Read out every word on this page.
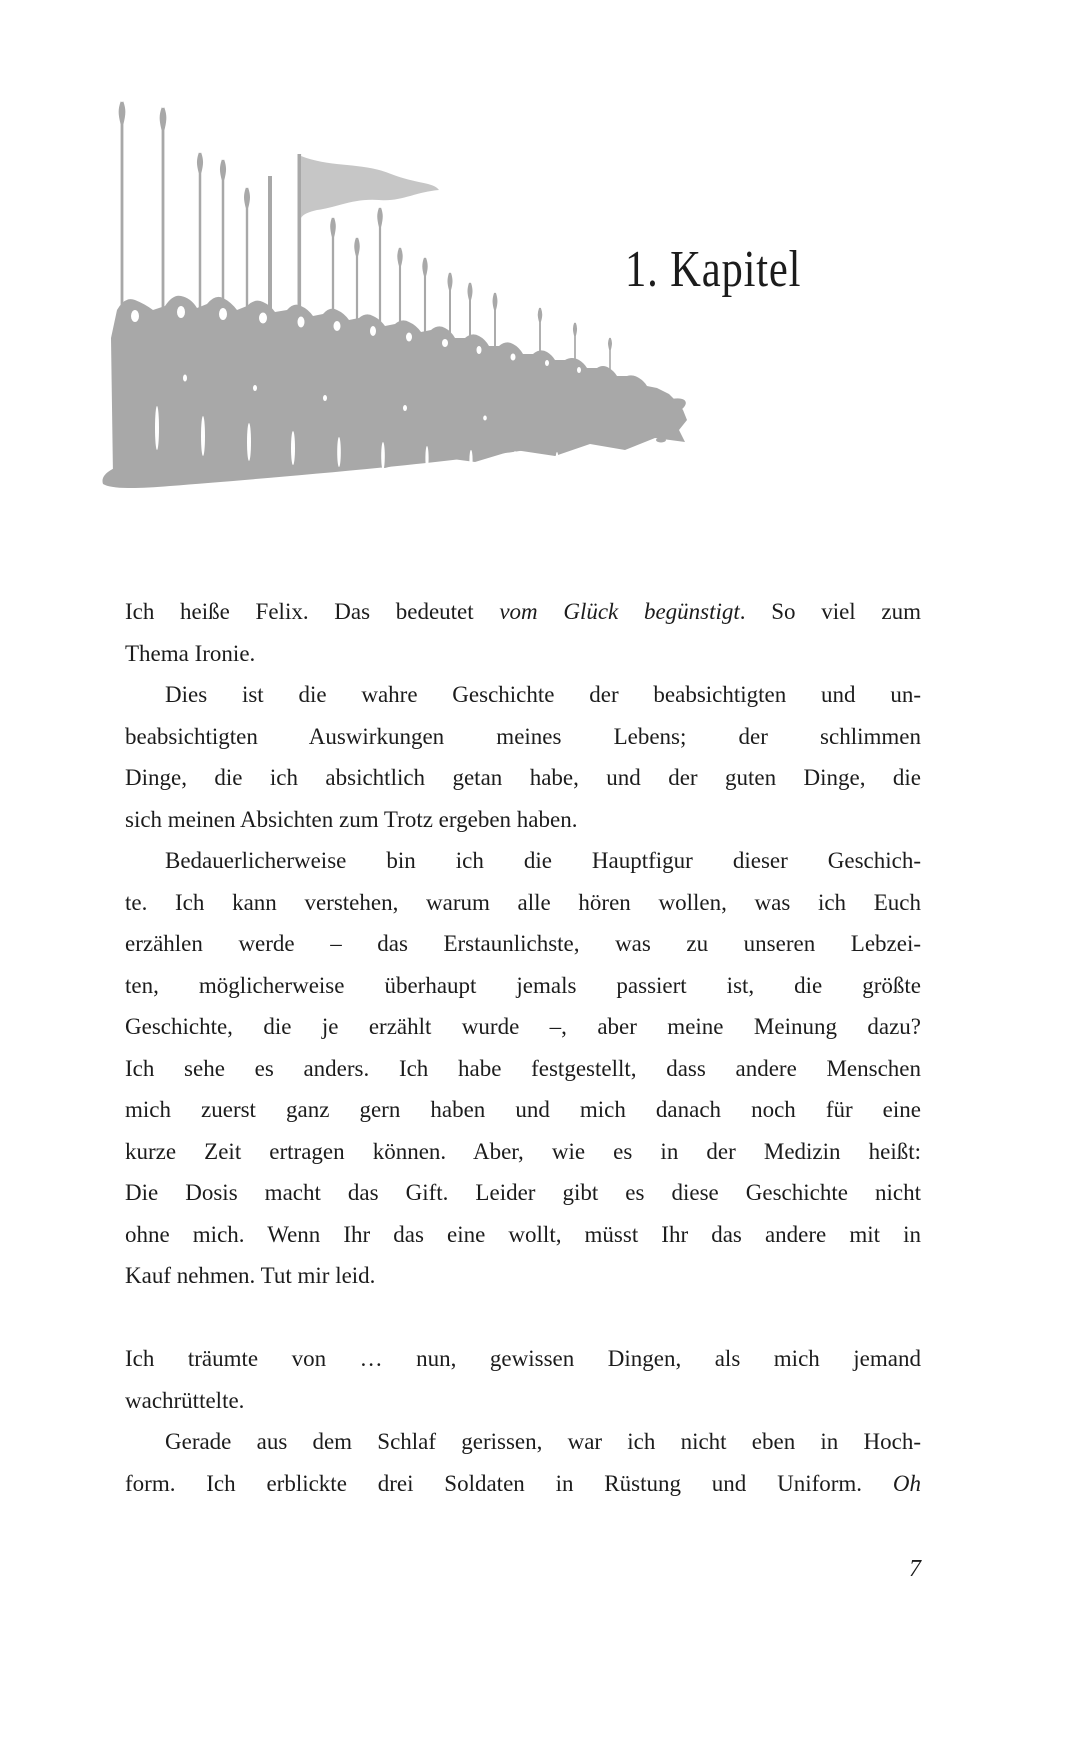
1. Kapitel
Ich heiße Felix. Das bedeutet vom Glück begünstigt. So viel zum
Thema Ironie.
Dies ist die wahre Geschichte der beabsichtigten und un-
beabsichtigten Auswirkungen meines Lebens; der schlimmen
Dinge, die ich absichtlich getan habe, und der guten Dinge, die
sich meinen Absichten zum Trotz ergeben haben.
Bedauerlicherweise bin ich die Hauptfigur dieser Geschich-
te. Ich kann verstehen, warum alle hören wollen, was ich Euch
erzählen werde – das Erstaunlichste, was zu unseren Lebzei-
ten, möglicherweise überhaupt jemals passiert ist, die größte
Geschichte, die je erzählt wurde –, aber meine Meinung dazu?
Ich sehe es anders. Ich habe festgestellt, dass andere Menschen
mich zuerst ganz gern haben und mich danach noch für eine
kurze Zeit ertragen können. Aber, wie es in der Medizin heißt:
Die Dosis macht das Gift. Leider gibt es diese Geschichte nicht
ohne mich. Wenn Ihr das eine wollt, müsst Ihr das andere mit in
Kauf nehmen. Tut mir leid.
Ich träumte von … nun, gewissen Dingen, als mich jemand
wachrüttelte.
Gerade aus dem Schlaf gerissen, war ich nicht eben in Hoch-
form. Ich erblickte drei Soldaten in Rüstung und Uniform. Oh
7
